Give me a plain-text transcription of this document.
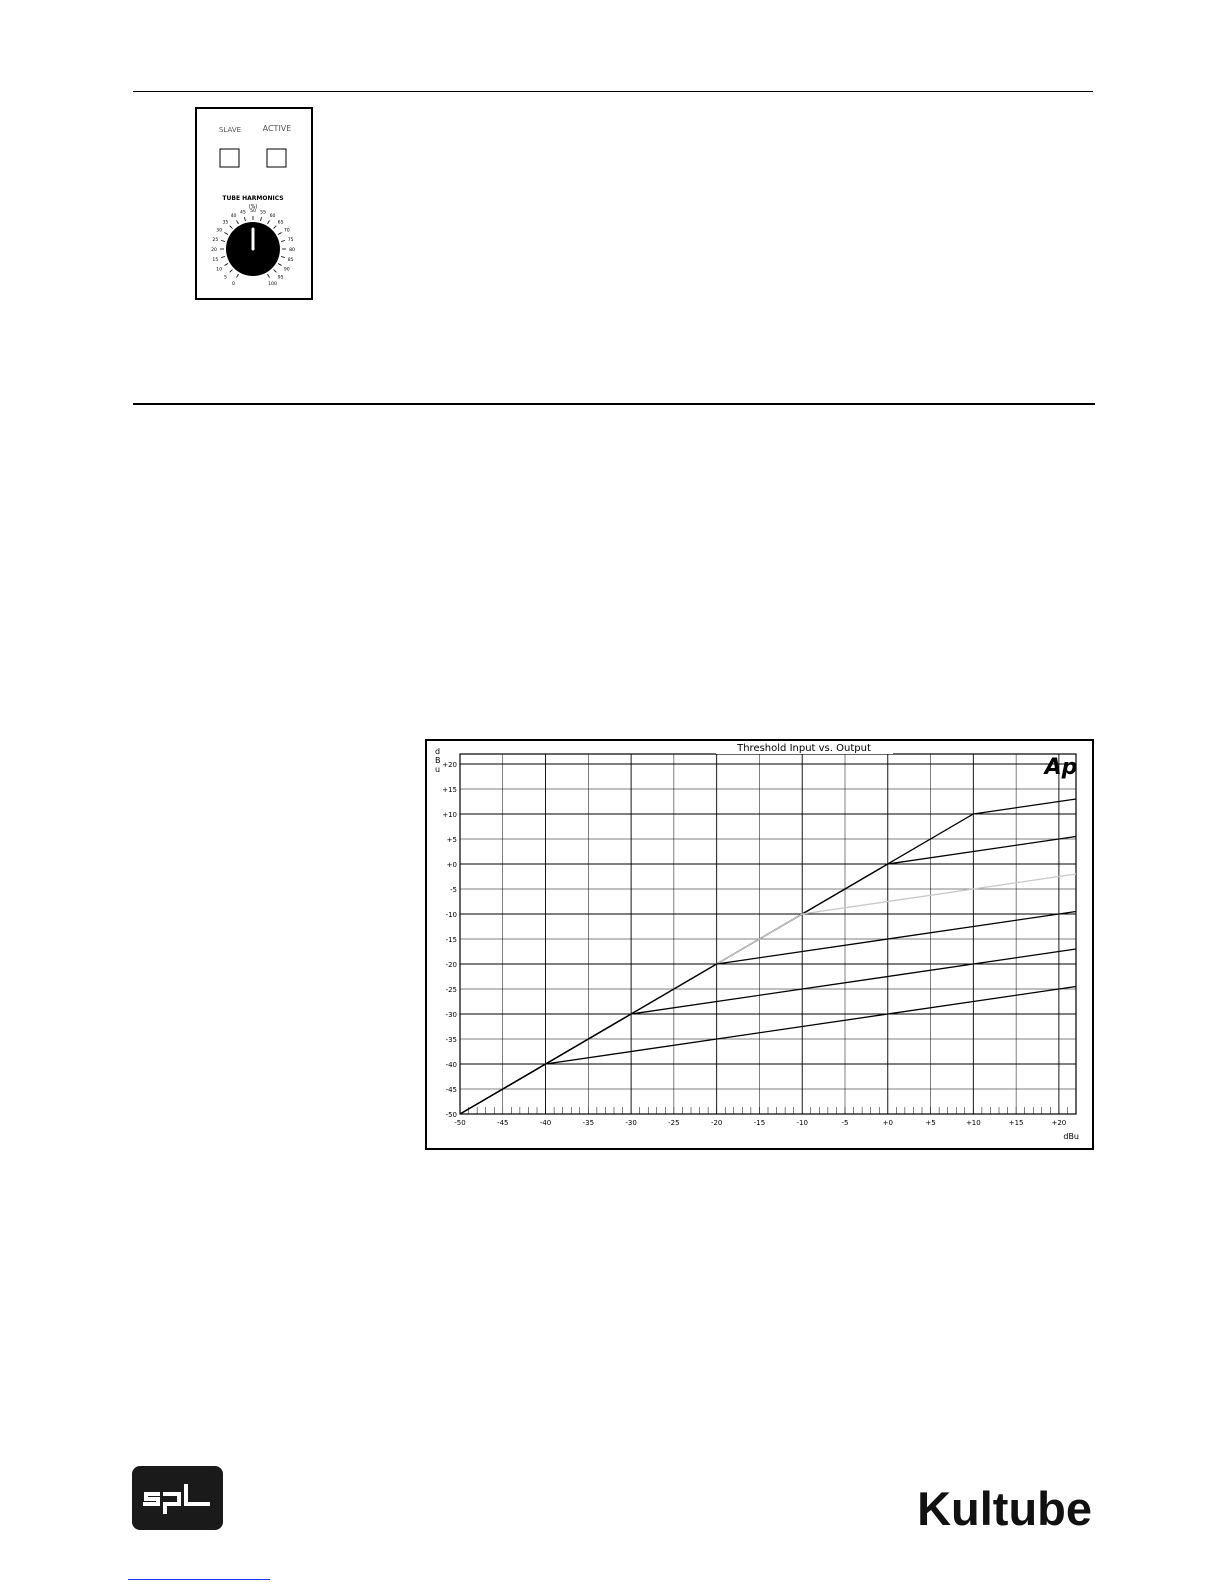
SLAVE	ACTIVE
TUBE HARMONICS
(%)
0
5
10
15
20
25
30
35
40
45 50 55
60
65
70
75
80
85
90
95
100
-50	-45	-40	-35	-30	-25	-20	-15	-10	-5	+0	+5	+10	+15	+20
+20
+15
+10
+5
+0
-5
-10
-15
-20
-25
-30
-35
-40
-45
-50
Threshold Input vs. Output
Ap
d B u
dBu
Kultube
